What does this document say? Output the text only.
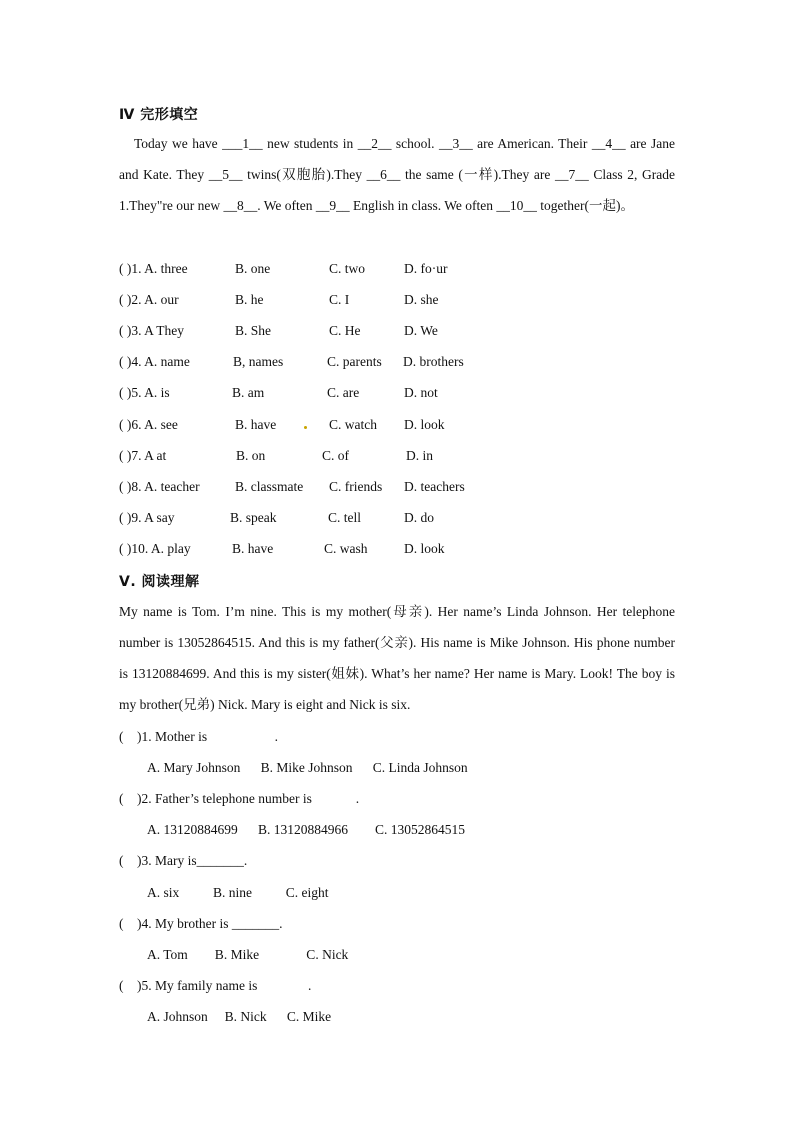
Ⅳ 完形填空
Today we have ___1__ new students in __2__ school. __3__ are American. Their __4__ are Jane and Kate. They __5__ twins(双胞胎).They __6__ the same (一样).They are __7__ Class 2, Grade 1.They"re our new __8__. We often __9__ English in class. We often __10__ together(一起)。
( )1. A. three	B. one	C. two	D. fo·ur
( )2. A. our	B. he	C. I	D. she
( )3. A They	B. She	C. He	D. We
( )4. A. name	B, names	C. parents D. brothers
( )5. A. is	B. am	C. are	D. not
( )6. A. see	B. have	C. watch D. look
( )7. A at	B. on	C. of	D. in
( )8. A. teacher	B. classmate C. friends D. teachers
( )9. A say	B. speak	C. tell	D. do
( )10. A. play	B. have	C. wash	D. look
Ⅴ. 阅读理解
My name is Tom. I’m nine. This is my mother(母亲). Her name’s Linda Johnson. Her telephone number is 13052864515. And this is my father(父亲). His name is Mike Johnson. His phone number is 13120884699. And this is my sister(姐妹). What’s her name? Her name is Mary. Look! The boy is my brother(兄弟) Nick. Mary is eight and Nick is six.
(    )1. Mother is                    .
A. Mary Johnson      B. Mike Johnson      C. Linda Johnson
(    )2. Father’s telephone number is             .
A. 13120884699      B. 13120884966        C. 13052864515
(    )3. Mary is_______.
A. six          B. nine          C. eight
(    )4. My brother is _______.
A. Tom        B. Mike              C. Nick
(    )5. My family name is               .
A. Johnson     B. Nick      C. Mike
